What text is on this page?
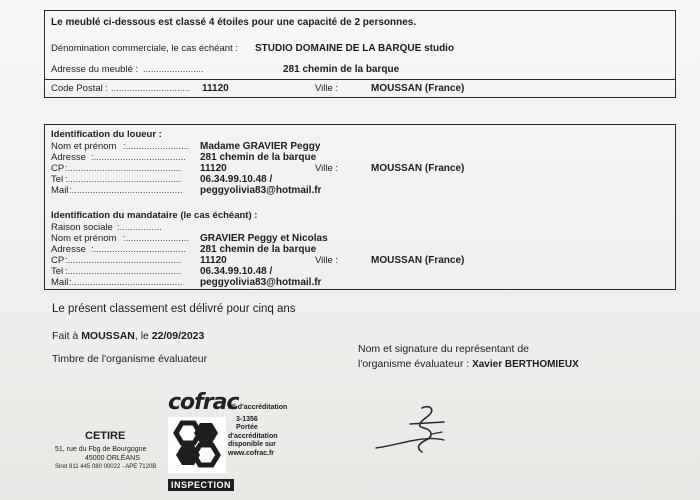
Le meublé ci-dessous est classé 4 étoiles pour une capacité de 2 personnes.
Dénomination commerciale, le cas échéant : STUDIO DOMAINE DE LA BARQUE studio
Adresse du meublé : .......................	281 chemin de la barque
Code Postal : .............................. 11120	Ville :	MOUSSAN (France)
Identification du loueur :
Nom et prénom :........................ Madame GRAVIER Peggy
Adresse :................................... 281 chemin de la barque
CP :........................................... 11120	Ville :	MOUSSAN (France)
Tel :........................................... 06.34.99.10.48 /
Mail :.......................................... peggyolivia83@hotmail.fr
Identification du mandataire (le cas échéant) :
Raison sociale :................
Nom et prénom :........................ GRAVIER Peggy et Nicolas
Adresse :................................... 281 chemin de la barque
CP :........................................... 11120	Ville :	MOUSSAN (France)
Tel :........................................... 06.34.99.10.48 /
Mail :.......................................... peggyolivia83@hotmail.fr
Le présent classement est délivré pour cinq ans
Fait à MOUSSAN, le 22/09/2023
Timbre de l'organisme évaluateur
Nom et signature du représentant de
l'organisme évaluateur : Xavier BERTHOMIEUX
CETIRE
51, rue du Fbg de Bourgogne
45000 ORLÉANS
Siret 811 445 080 00022 - APE 7120B
cofrac
INSPECTION
N° d'accréditation
3-1356
Portée
d'accréditation
disponible sur
www.cofrac.fr
